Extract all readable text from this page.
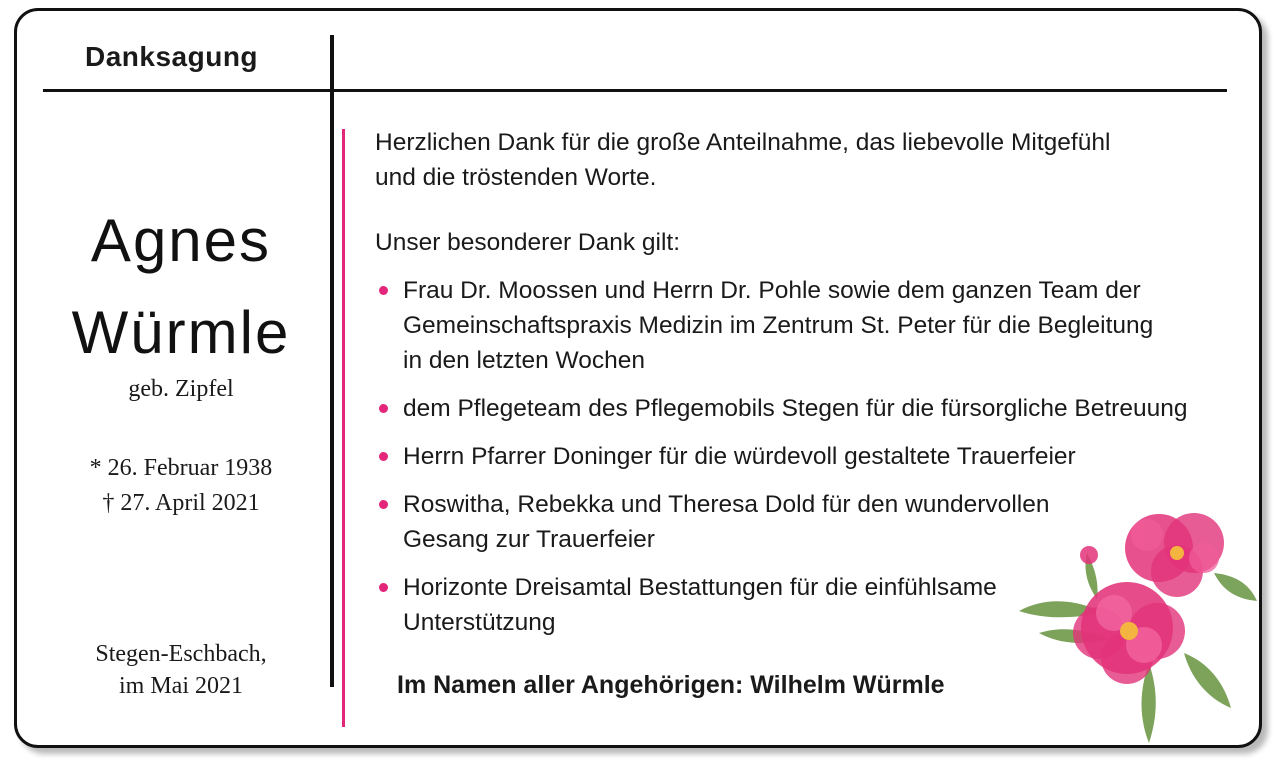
Danksagung
Agnes
Würmle
geb. Zipfel
* 26. Februar 1938
† 27. April 2021
Stegen-Eschbach,
im Mai 2021
Herzlichen Dank für die große Anteilnahme, das liebevolle Mitgefühl
und die tröstenden Worte.
Unser besonderer Dank gilt:
Frau Dr. Moossen und Herrn Dr. Pohle sowie dem ganzen Team der
Gemeinschaftspraxis Medizin im Zentrum St. Peter für die Begleitung
in den letzten Wochen
dem Pflegeteam des Pflegemobils Stegen für die fürsorgliche Betreuung
Herrn Pfarrer Doninger für die würdevoll gestaltete Trauerfeier
Roswitha, Rebekka und Theresa Dold für den wundervollen
Gesang zur Trauerfeier
Horizonte Dreisamtal Bestattungen für die einfühlsame
Unterstützung
Im Namen aller Angehörigen: Wilhelm Würmle
